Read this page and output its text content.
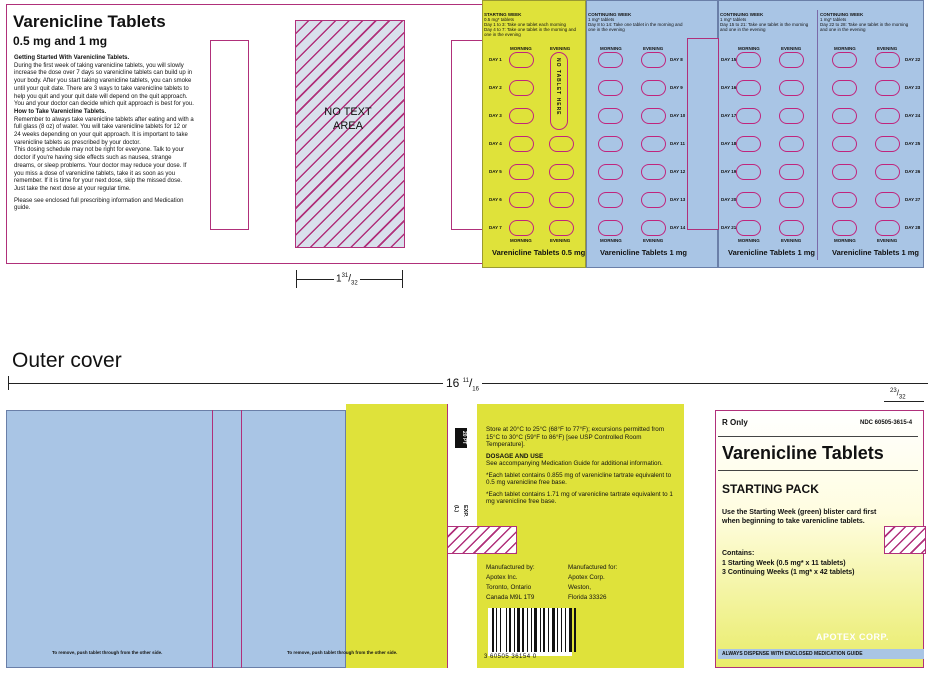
Varenicline Tablets
0.5 mg and 1 mg
Getting Started With Varenicline Tablets.
During the first week of taking varenicline tablets, you will slowly increase the dose over 7 days so varenicline tablets can build up in your body. After you start taking varenicline tablets, you can smoke until your quit date. There are 3 ways to take varenicline tablets to help you quit and your quit date will depend on the quit approach. You and your doctor can decide which quit approach is best for you.
How to Take Varenicline Tablets.
Remember to always take varenicline tablets after eating and with a full glass (8 oz) of water. You will take varenicline tablets for 12 or 24 weeks depending on your quit approach. It is important to take varenicline tablets as prescribed by your doctor.
This dosing schedule may not be right for everyone. Talk to your doctor if you're having side effects such as nausea, strange dreams, or sleep problems. Your doctor may reduce your dose. If you miss a dose of varenicline tablets, take it as soon as you remember. If it is time for your next dose, skip the missed dose. Just take the next dose at your regular time.
Please see enclosed full prescribing information and Medication guide.
NO TEXT AREA
$1^{31}/_{32}$
STARTING WEEK
0.5 mg* tablets
Day 1 to 3: Take one tablet each morning
Day 4 to 7: Take one tablet in the morning and one in the evening
CONTINUING WEEK
1 mg* tablets
Day 8 to 14: Take one tablet in the morning and one in the evening
CONTINUING WEEK
1 mg* tablets
Day 15 to 21: Take one tablet in the morning and one in the evening
CONTINUING WEEK
1 mg* tablets
Day 22 to 28: Take one tablet in the morning and one in the evening
MORNING	EVENING	MORNING	EVENING	MORNING	EVENING	MORNING	EVENING
MORNING	EVENING	MORNING	EVENING	MORNING	EVENING	MORNING	EVENING
NO TABLET HERE
DAY 1
DAY 2
DAY 3
DAY 4
DAY 5
DAY 6
DAY 7
DAY 8
DAY 9
DAY 10
DAY 11
DAY 12
DAY 13
DAY 14
DAY 15
DAY 16
DAY 17
DAY 18
DAY 19
DAY 20
DAY 21
DAY 22
DAY 23
DAY 24
DAY 25
DAY 26
DAY 27
DAY 28
Varenicline Tablets 0.5 mg Varenicline Tablets 1 mg	Varenicline Tablets 1 mg Varenicline Tablets 1 mg
Outer cover
16 $^{11}/_{16}$	$^{23}/_{32}$
To remove, push tablet through from the other side.	To remove, push tablet through from the other side.
20 PT
(L) EXP.
Store at 20°C to 25°C (68°F to 77°F); excursions permitted from 15°C to 30°C (59°F to 86°F) [see USP Controlled Room Temperature].
DOSAGE AND USE
See accompanying Medication Guide for additional information.
*Each tablet contains 0.855 mg of varenicline tartrate equivalent to 0.5 mg varenicline free base.
*Each tablet contains 1.71 mg of varenicline tartrate equivalent to 1 mg varenicline free base.
Manufactured by:
Apotex Inc.
Toronto, Ontario
Canada M9L 1T9
Manufactured for:
Apotex Corp.
Weston,
Florida 33326
3 60505 36154 0
R Only	NDC 60505-3615-4
Varenicline Tablets
STARTING PACK
Use the Starting Week (green) blister card first when beginning to take varenicline tablets.
Contains:
1 Starting Week (0.5 mg* x 11 tablets)
3 Continuing Weeks (1 mg* x 42 tablets)
APOTEX CORP.
ALWAYS DISPENSE WITH ENCLOSED MEDICATION GUIDE
